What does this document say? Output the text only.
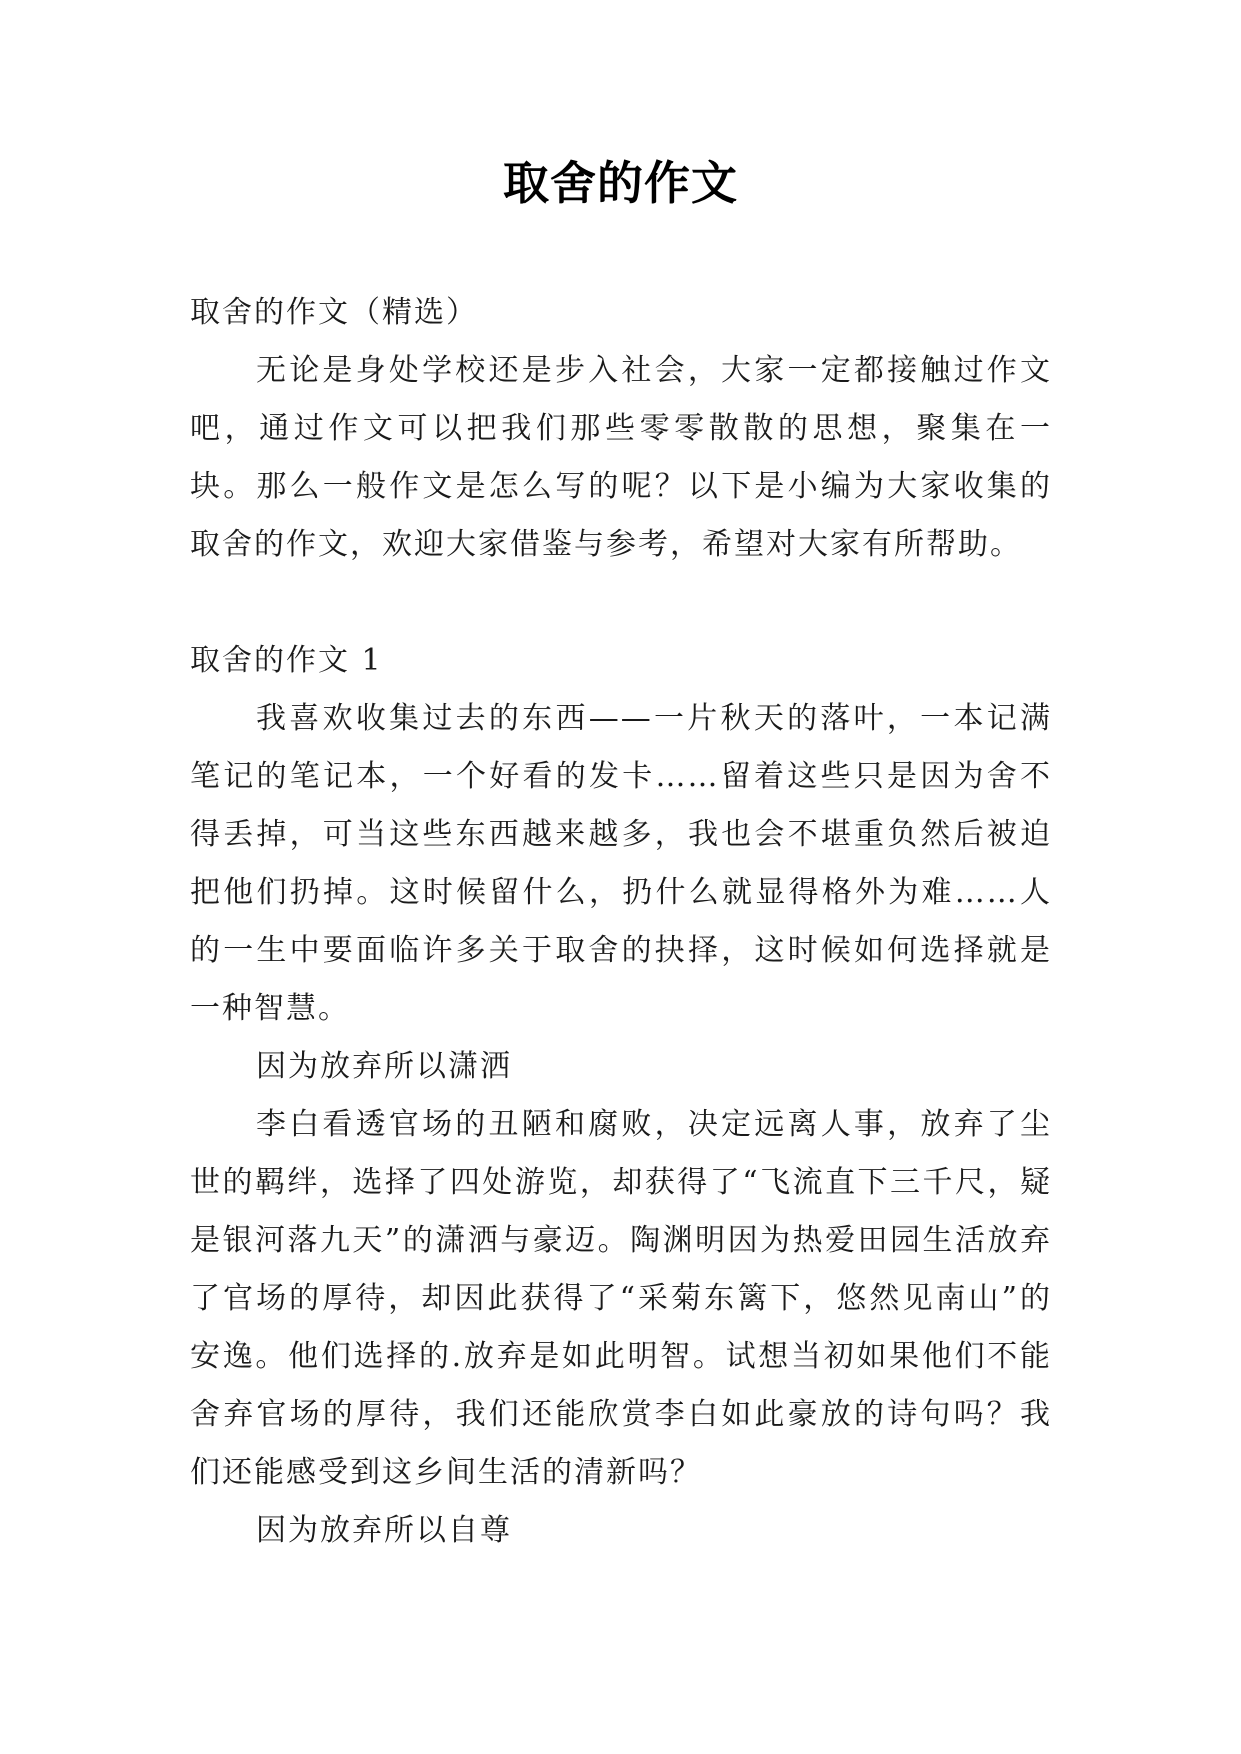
取舍的作文

取舍的作文（精选）

无论是身处学校还是步入社会，大家一定都接触过作文吧，通过作文可以把我们那些零零散散的思想，聚集在一块。那么一般作文是怎么写的呢？以下是小编为大家收集的取舍的作文，欢迎大家借鉴与参考，希望对大家有所帮助。

取舍的作文 1

我喜欢收集过去的东西——一片秋天的落叶，一本记满笔记的笔记本，一个好看的发卡……留着这些只是因为舍不得丢掉，可当这些东西越来越多，我也会不堪重负然后被迫把他们扔掉。这时候留什么，扔什么就显得格外为难……人的一生中要面临许多关于取舍的抉择，这时候如何选择就是一种智慧。

因为放弃所以潇洒

李白看透官场的丑陋和腐败，决定远离人事，放弃了尘世的羁绊，选择了四处游览，却获得了“飞流直下三千尺，疑是银河落九天”的潇洒与豪迈。陶渊明因为热爱田园生活放弃了官场的厚待，却因此获得了“采菊东篱下，悠然见南山”的安逸。他们选择的.放弃是如此明智。试想当初如果他们不能舍弃官场的厚待，我们还能欣赏李白如此豪放的诗句吗？我们还能感受到这乡间生活的清新吗？

因为放弃所以自尊
